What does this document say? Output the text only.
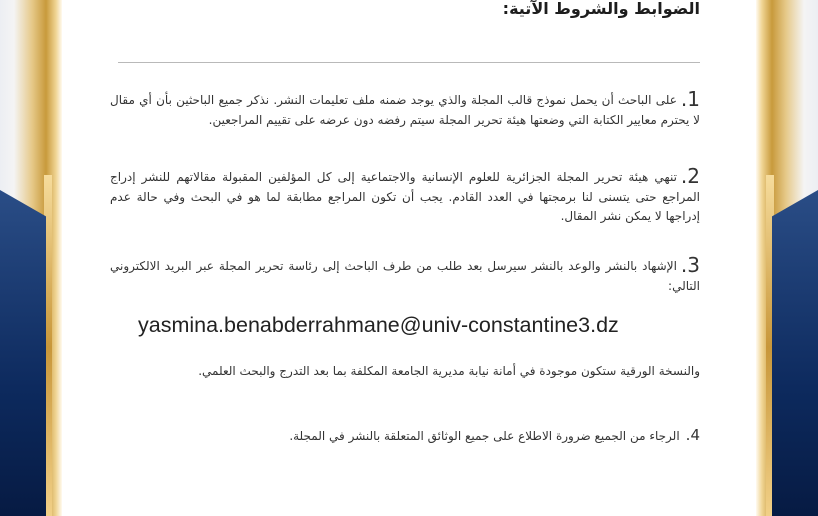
الضوابط والشروط الآتية:

1.على الباحث أن يحمل نموذج قالب المجلة والذي يوجد ضمنه ملف تعليمات النشر. نذكر جميع الباحثين بأن أي مقال لا يحترم معايير الكتابة التي وضعتها هيئة تحرير المجلة سيتم رفضه دون عرضه على تقييم المراجعين.

2.تنهي هيئة تحرير المجلة الجزائرية للعلوم الإنسانية والاجتماعية إلى كل المؤلفين المقبولة مقالاتهم للنشر إدراج المراجع حتى يتسنى لنا برمجتها في العدد القادم. يجب أن تكون المراجع مطابقة لما هو في البحث وفي حالة عدم إدراجها لا يمكن نشر المقال.

3.الإشهاد بالنشر والوعد بالنشر سيرسل بعد طلب من طرف الباحث إلى رئاسة تحرير المجلة عبر البريد الالكتروني التالي:

yasmina.benabderrahmane@univ-constantine3.dz

والنسخة الورقية ستكون موجودة في أمانة نيابة مديرية الجامعة المكلفة بما بعد التدرج والبحث العلمي.

4.الرجاء من الجميع ضرورة الاطلاع على جميع الوثائق المتعلقة بالنشر في المجلة.
